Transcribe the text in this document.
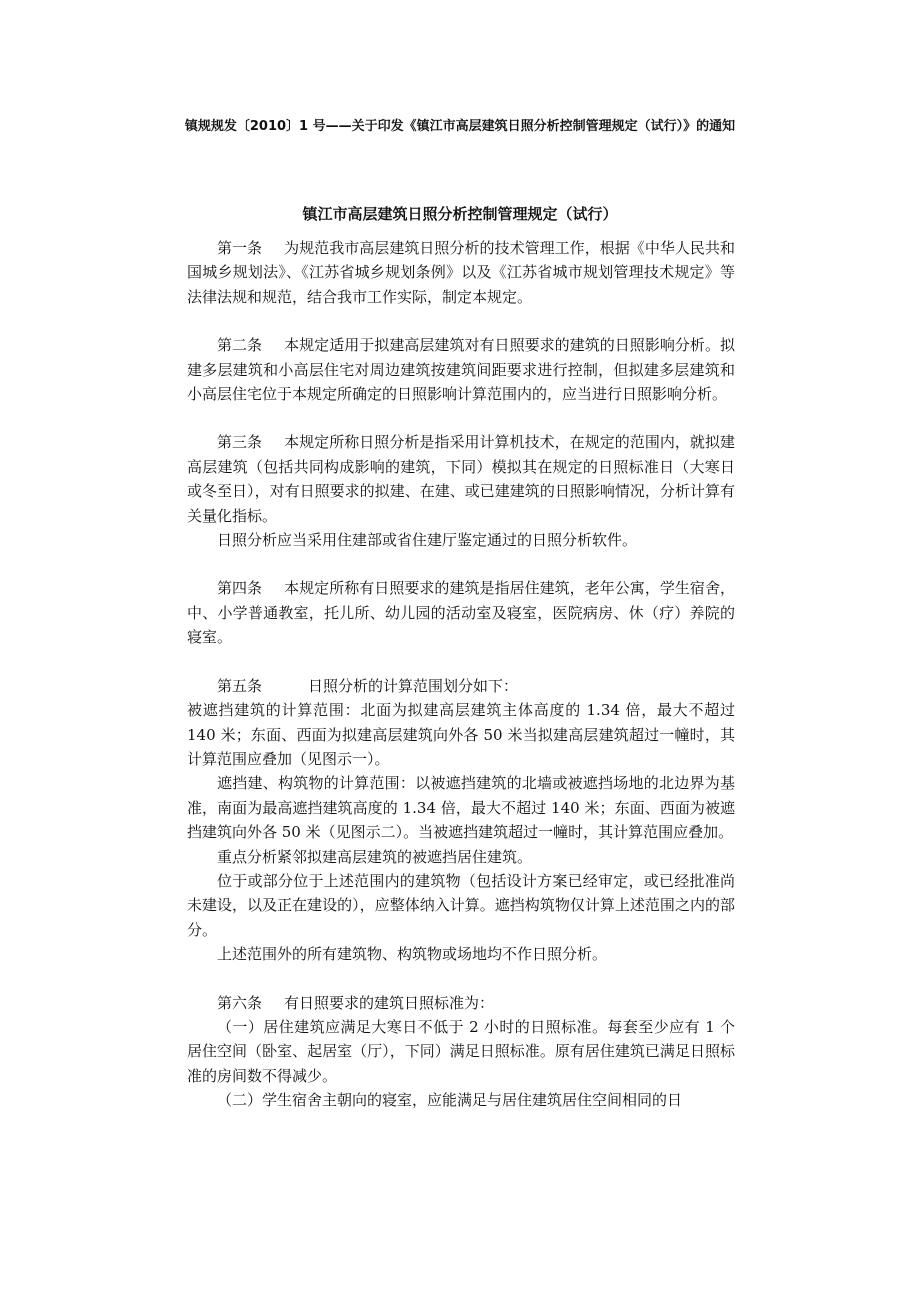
镇规规发〔2010〕1 号——关于印发《镇江市高层建筑日照分析控制管理规定（试行）》的通知
镇江市高层建筑日照分析控制管理规定（试行）

第一条 为规范我市高层建筑日照分析的技术管理工作，根据《中华人民共和国城乡规划法》、《江苏省城乡规划条例》以及《江苏省城市规划管理技术规定》等法律法规和规范，结合我市工作实际，制定本规定。

第二条 本规定适用于拟建高层建筑对有日照要求的建筑的日照影响分析。拟建多层建筑和小高层住宅对周边建筑按建筑间距要求进行控制，但拟建多层建筑和小高层住宅位于本规定所确定的日照影响计算范围内的，应当进行日照影响分析。

第三条 本规定所称日照分析是指采用计算机技术，在规定的范围内，就拟建高层建筑（包括共同构成影响的建筑，下同）模拟其在规定的日照标准日（大寒日或冬至日），对有日照要求的拟建、在建、或已建建筑的日照影响情况，分析计算有关量化指标。

日照分析应当采用住建部或省住建厅鉴定通过的日照分析软件。

第四条 本规定所称有日照要求的建筑是指居住建筑，老年公寓，学生宿舍，中、小学普通教室，托儿所、幼儿园的活动室及寝室，医院病房、休（疗）养院的寝室。

第五条	日照分析的计算范围划分如下：

被遮挡建筑的计算范围：北面为拟建高层建筑主体高度的 1.34 倍，最大不超过 140 米；东面、西面为拟建高层建筑向外各 50 米当拟建高层建筑超过一幢时，其计算范围应叠加（见图示一）。

遮挡建、构筑物的计算范围：以被遮挡建筑的北墙或被遮挡场地的北边界为基准，南面为最高遮挡建筑高度的 1.34 倍，最大不超过 140 米；东面、西面为被遮挡建筑向外各 50 米（见图示二）。当被遮挡建筑超过一幢时，其计算范围应叠加。

重点分析紧邻拟建高层建筑的被遮挡居住建筑。

位于或部分位于上述范围内的建筑物（包括设计方案已经审定，或已经批准尚未建设，以及正在建设的），应整体纳入计算。遮挡构筑物仅计算上述范围之内的部分。

上述范围外的所有建筑物、构筑物或场地均不作日照分析。

第六条 有日照要求的建筑日照标准为：

（一）居住建筑应满足大寒日不低于 2 小时的日照标准。每套至少应有 1 个居住空间（卧室、起居室（厅），下同）满足日照标准。原有居住建筑已满足日照标准的房间数不得减少。

（二）学生宿舍主朝向的寝室，应能满足与居住建筑居住空间相同的日
